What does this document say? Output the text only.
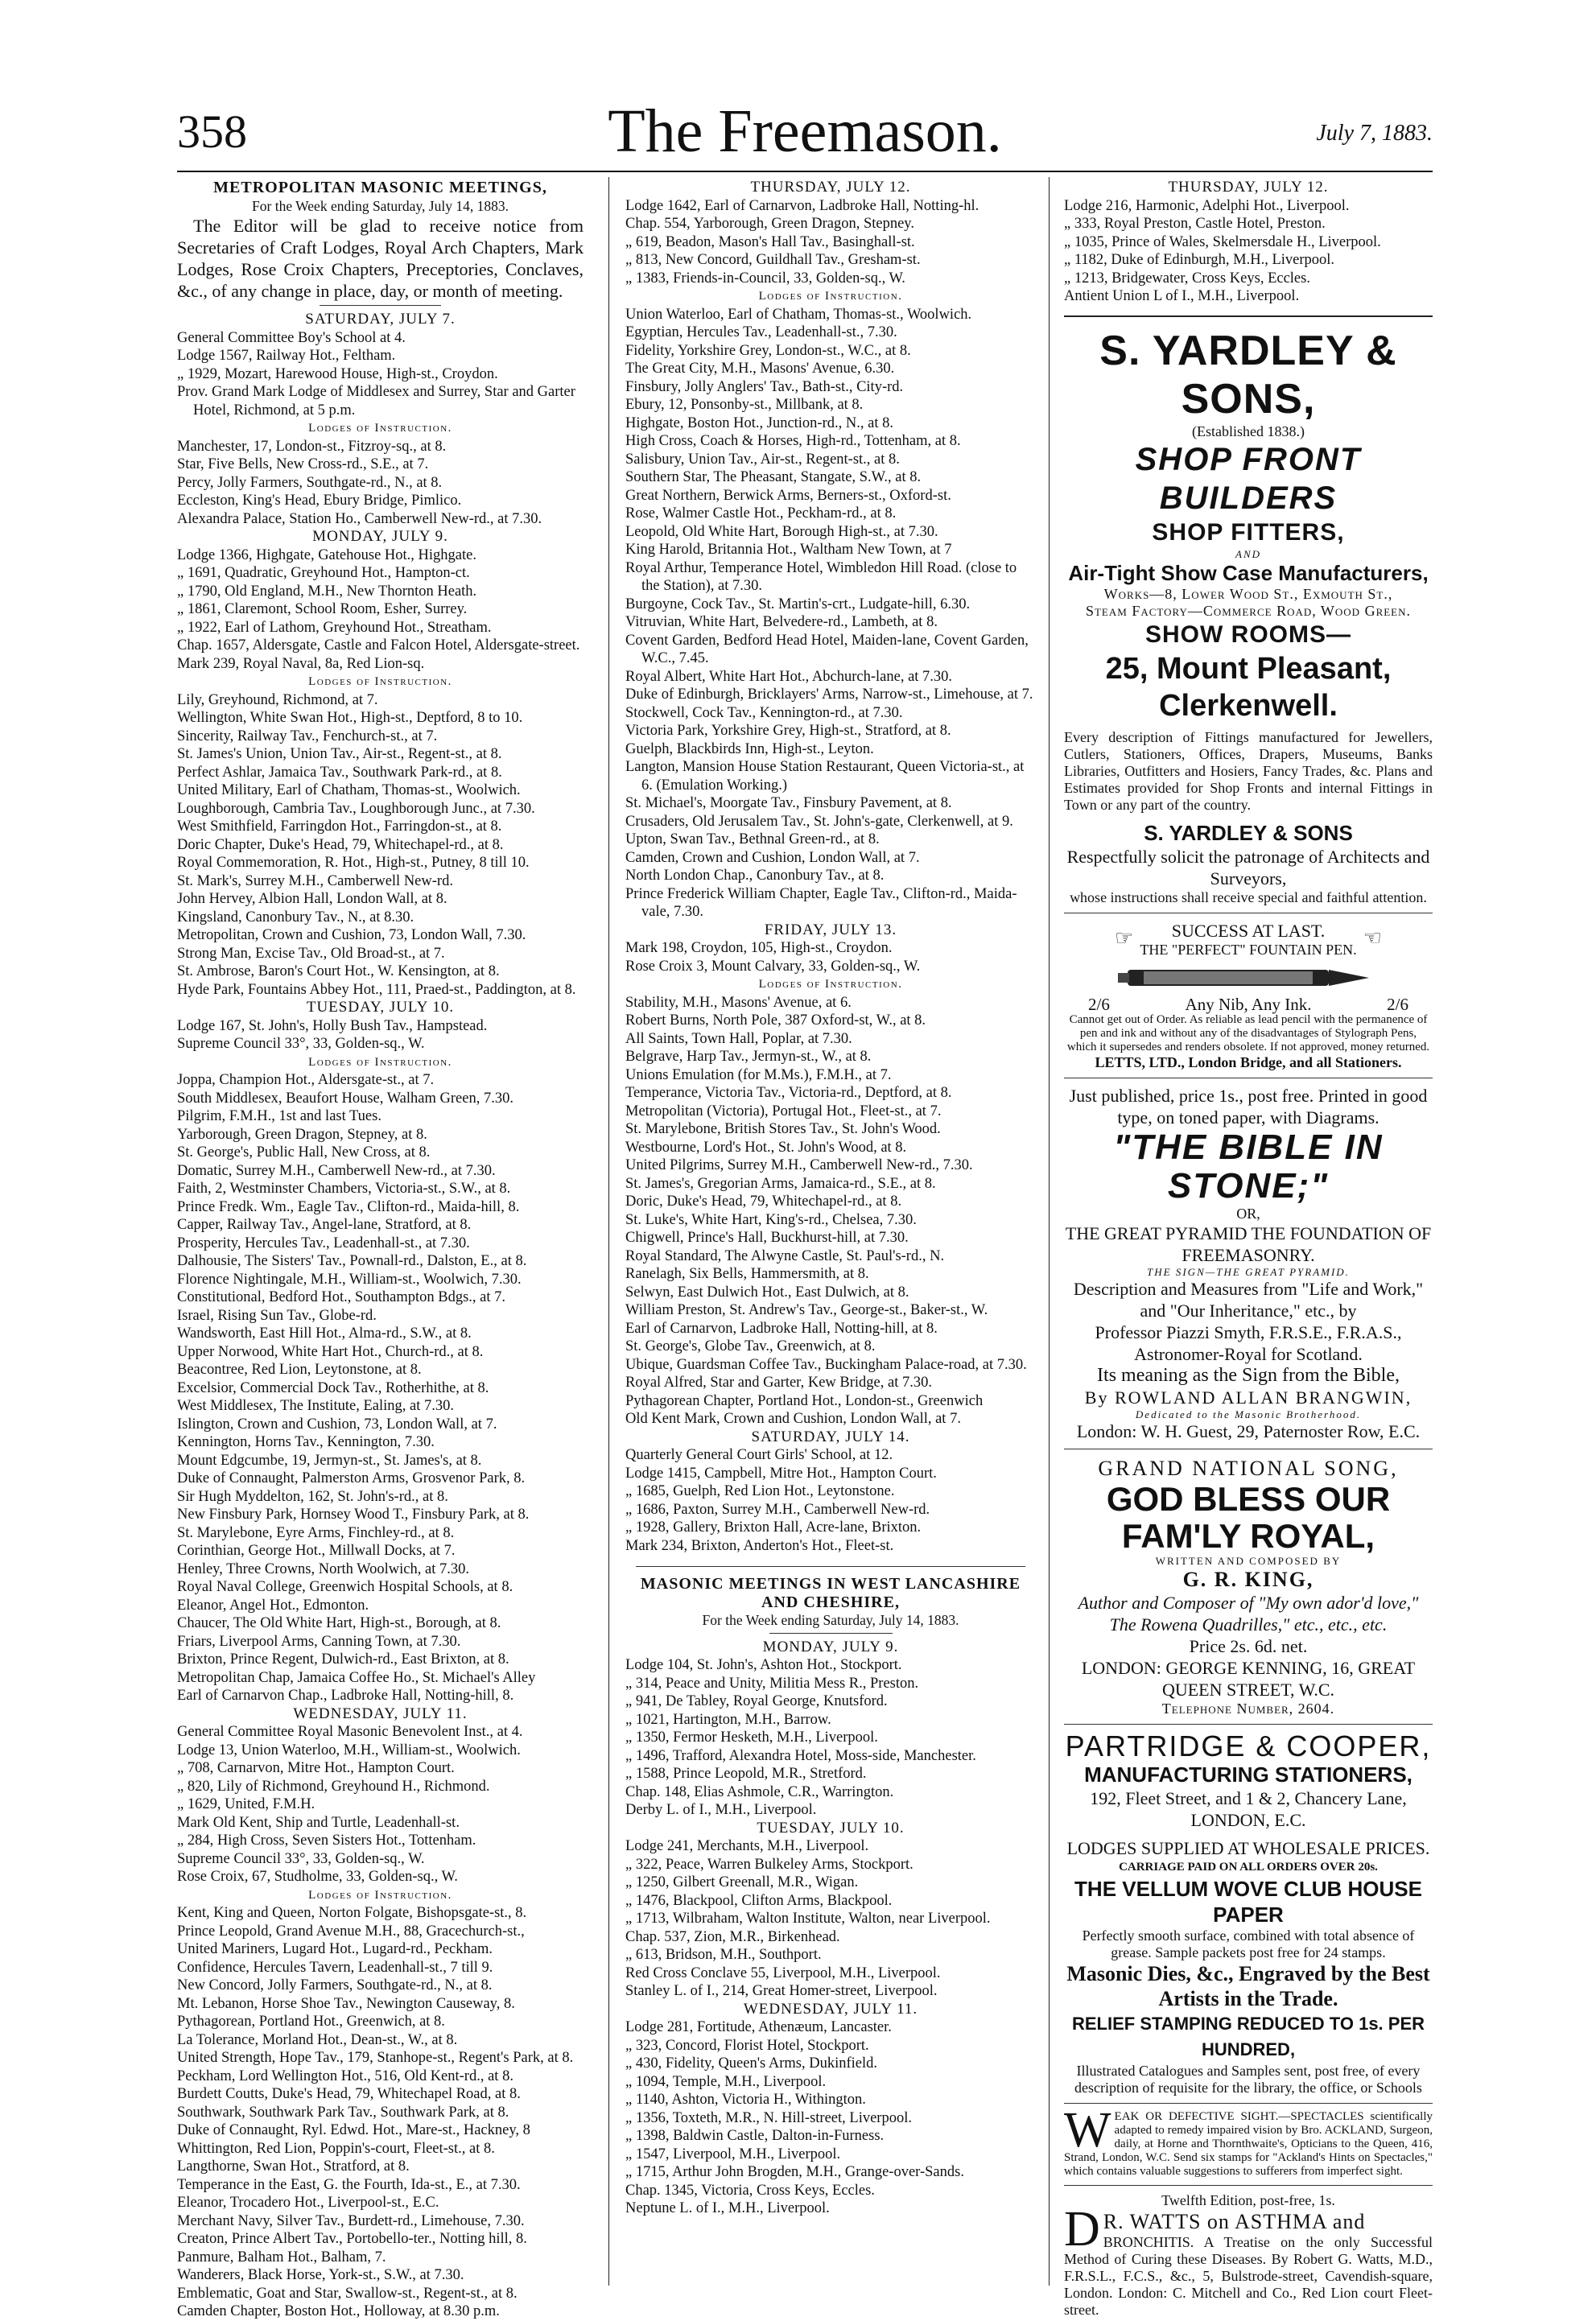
358	The Freemason.	July 7, 1883.

METROPOLITAN MASONIC MEETINGS,

For the Week ending Saturday, July 14, 1883.

The Editor will be glad to receive notice from Secretaries of Craft Lodges, Royal Arch Chapters, Mark Lodges, Rose Croix Chapters, Preceptories, Conclaves, &c., of any change in place, day, or month of meeting.

SATURDAY, JULY 7.

General Committee Boy's School at 4.

Lodge 1567, Railway Hot., Feltham.

„ 1929, Mozart, Harewood House, High-st., Croydon.

Prov. Grand Mark Lodge of Middlesex and Surrey, Star and Garter Hotel, Richmond, at 5 p.m.

Lodges of Instruction.

Manchester, 17, London-st., Fitzroy-sq., at 8.

Star, Five Bells, New Cross-rd., S.E., at 7.

Percy, Jolly Farmers, Southgate-rd., N., at 8.

Eccleston, King's Head, Ebury Bridge, Pimlico.

Alexandra Palace, Station Ho., Camberwell New-rd., at 7.30.

MONDAY, JULY 9.

Lodge 1366, Highgate, Gatehouse Hot., Highgate.

„ 1691, Quadratic, Greyhound Hot., Hampton-ct.

„ 1790, Old England, M.H., New Thornton Heath.

„ 1861, Claremont, School Room, Esher, Surrey.

„ 1922, Earl of Lathom, Greyhound Hot., Streatham.

Chap. 1657, Aldersgate, Castle and Falcon Hotel, Aldersgate-street.

Mark 239, Royal Naval, 8a, Red Lion-sq.

Lodges of Instruction.

Lily, Greyhound, Richmond, at 7.

Wellington, White Swan Hot., High-st., Deptford, 8 to 10.

Sincerity, Railway Tav., Fenchurch-st., at 7.

St. James's Union, Union Tav., Air-st., Regent-st., at 8.

Perfect Ashlar, Jamaica Tav., Southwark Park-rd., at 8.

United Military, Earl of Chatham, Thomas-st., Woolwich.

Loughborough, Cambria Tav., Loughborough Junc., at 7.30.

West Smithfield, Farringdon Hot., Farringdon-st., at 8.

Doric Chapter, Duke's Head, 79, Whitechapel-rd., at 8.

Royal Commemoration, R. Hot., High-st., Putney, 8 till 10.

St. Mark's, Surrey M.H., Camberwell New-rd.

John Hervey, Albion Hall, London Wall, at 8.

Kingsland, Canonbury Tav., N., at 8.30.

Metropolitan, Crown and Cushion, 73, London Wall, 7.30.

Strong Man, Excise Tav., Old Broad-st., at 7.

St. Ambrose, Baron's Court Hot., W. Kensington, at 8.

Hyde Park, Fountains Abbey Hot., 111, Praed-st., Paddington, at 8.

TUESDAY, JULY 10.

Lodge 167, St. John's, Holly Bush Tav., Hampstead.

Supreme Council 33°, 33, Golden-sq., W.

Lodges of Instruction.

Joppa, Champion Hot., Aldersgate-st., at 7.

South Middlesex, Beaufort House, Walham Green, 7.30.

Pilgrim, F.M.H., 1st and last Tues.

Yarborough, Green Dragon, Stepney, at 8.

St. George's, Public Hall, New Cross, at 8.

Domatic, Surrey M.H., Camberwell New-rd., at 7.30.

Faith, 2, Westminster Chambers, Victoria-st., S.W., at 8.

Prince Fredk. Wm., Eagle Tav., Clifton-rd., Maida-hill, 8.

Capper, Railway Tav., Angel-lane, Stratford, at 8.

Prosperity, Hercules Tav., Leadenhall-st., at 7.30.

Dalhousie, The Sisters' Tav., Pownall-rd., Dalston, E., at 8.

Florence Nightingale, M.H., William-st., Woolwich, 7.30.

Constitutional, Bedford Hot., Southampton Bdgs., at 7.

Israel, Rising Sun Tav., Globe-rd.

Wandsworth, East Hill Hot., Alma-rd., S.W., at 8.

Upper Norwood, White Hart Hot., Church-rd., at 8.

Beacontree, Red Lion, Leytonstone, at 8.

Excelsior, Commercial Dock Tav., Rotherhithe, at 8.

West Middlesex, The Institute, Ealing, at 7.30.

Islington, Crown and Cushion, 73, London Wall, at 7.

Kennington, Horns Tav., Kennington, 7.30.

Mount Edgcumbe, 19, Jermyn-st., St. James's, at 8.

Duke of Connaught, Palmerston Arms, Grosvenor Park, 8.

Sir Hugh Myddelton, 162, St. John's-rd., at 8.

New Finsbury Park, Hornsey Wood T., Finsbury Park, at 8.

St. Marylebone, Eyre Arms, Finchley-rd., at 8.

Corinthian, George Hot., Millwall Docks, at 7.

Henley, Three Crowns, North Woolwich, at 7.30.

Royal Naval College, Greenwich Hospital Schools, at 8.

Eleanor, Angel Hot., Edmonton.

Chaucer, The Old White Hart, High-st., Borough, at 8.

Friars, Liverpool Arms, Canning Town, at 7.30.

Brixton, Prince Regent, Dulwich-rd., East Brixton, at 8.

Metropolitan Chap, Jamaica Coffee Ho., St. Michael's Alley

Earl of Carnarvon Chap., Ladbroke Hall, Notting-hill, 8.

WEDNESDAY, JULY 11.

General Committee Royal Masonic Benevolent Inst., at 4.

Lodge 13, Union Waterloo, M.H., William-st., Woolwich.

„ 708, Carnarvon, Mitre Hot., Hampton Court.

„ 820, Lily of Richmond, Greyhound H., Richmond.

„ 1629, United, F.M.H.

Mark Old Kent, Ship and Turtle, Leadenhall-st.

„ 284, High Cross, Seven Sisters Hot., Tottenham.

Supreme Council 33°, 33, Golden-sq., W.

Rose Croix, 67, Studholme, 33, Golden-sq., W.

Lodges of Instruction.

Kent, King and Queen, Norton Folgate, Bishopsgate-st., 8.

Prince Leopold, Grand Avenue M.H., 88, Gracechurch-st.,

United Mariners, Lugard Hot., Lugard-rd., Peckham.

Confidence, Hercules Tavern, Leadenhall-st., 7 till 9.

New Concord, Jolly Farmers, Southgate-rd., N., at 8.

Mt. Lebanon, Horse Shoe Tav., Newington Causeway, 8.

Pythagorean, Portland Hot., Greenwich, at 8.

La Tolerance, Morland Hot., Dean-st., W., at 8.

United Strength, Hope Tav., 179, Stanhope-st., Regent's Park, at 8.

Peckham, Lord Wellington Hot., 516, Old Kent-rd., at 8.

Burdett Coutts, Duke's Head, 79, Whitechapel Road, at 8.

Southwark, Southwark Park Tav., Southwark Park, at 8.

Duke of Connaught, Ryl. Edwd. Hot., Mare-st., Hackney, 8

Whittington, Red Lion, Poppin's-court, Fleet-st., at 8.

Langthorne, Swan Hot., Stratford, at 8.

Temperance in the East, G. the Fourth, Ida-st., E., at 7.30.

Eleanor, Trocadero Hot., Liverpool-st., E.C.

Merchant Navy, Silver Tav., Burdett-rd., Limehouse, 7.30.

Creaton, Prince Albert Tav., Portobello-ter., Notting hill, 8.

Panmure, Balham Hot., Balham, 7.

Wanderers, Black Horse, York-st., S.W., at 7.30.

Emblematic, Goat and Star, Swallow-st., Regent-st., at 8.

Camden Chapter, Boston Hot., Holloway, at 8.30 p.m.

THURSDAY, JULY 12.

Lodge 1642, Earl of Carnarvon, Ladbroke Hall, Notting-hl.

Chap. 554, Yarborough, Green Dragon, Stepney.

„ 619, Beadon, Mason's Hall Tav., Basinghall-st.

„ 813, New Concord, Guildhall Tav., Gresham-st.

„ 1383, Friends-in-Council, 33, Golden-sq., W.

Lodges of Instruction.

Union Waterloo, Earl of Chatham, Thomas-st., Woolwich.

Egyptian, Hercules Tav., Leadenhall-st., 7.30.

Fidelity, Yorkshire Grey, London-st., W.C., at 8.

The Great City, M.H., Masons' Avenue, 6.30.

Finsbury, Jolly Anglers' Tav., Bath-st., City-rd.

Ebury, 12, Ponsonby-st., Millbank, at 8.

Highgate, Boston Hot., Junction-rd., N., at 8.

High Cross, Coach & Horses, High-rd., Tottenham, at 8.

Salisbury, Union Tav., Air-st., Regent-st., at 8.

Southern Star, The Pheasant, Stangate, S.W., at 8.

Great Northern, Berwick Arms, Berners-st., Oxford-st.

Rose, Walmer Castle Hot., Peckham-rd., at 8.

Leopold, Old White Hart, Borough High-st., at 7.30.

King Harold, Britannia Hot., Waltham New Town, at 7

Royal Arthur, Temperance Hotel, Wimbledon Hill Road. (close to the Station), at 7.30.

Burgoyne, Cock Tav., St. Martin's-crt., Ludgate-hill, 6.30.

Vitruvian, White Hart, Belvedere-rd., Lambeth, at 8.

Covent Garden, Bedford Head Hotel, Maiden-lane, Covent Garden, W.C., 7.45.

Royal Albert, White Hart Hot., Abchurch-lane, at 7.30.

Duke of Edinburgh, Bricklayers' Arms, Narrow-st., Limehouse, at 7.

Stockwell, Cock Tav., Kennington-rd., at 7.30.

Victoria Park, Yorkshire Grey, High-st., Stratford, at 8.

Guelph, Blackbirds Inn, High-st., Leyton.

Langton, Mansion House Station Restaurant, Queen Victoria-st., at 6. (Emulation Working.)

St. Michael's, Moorgate Tav., Finsbury Pavement, at 8.

Crusaders, Old Jerusalem Tav., St. John's-gate, Clerkenwell, at 9.

Upton, Swan Tav., Bethnal Green-rd., at 8.

Camden, Crown and Cushion, London Wall, at 7.

North London Chap., Canonbury Tav., at 8.

Prince Frederick William Chapter, Eagle Tav., Clifton-rd., Maida-vale, 7.30.

FRIDAY, JULY 13.

Mark 198, Croydon, 105, High-st., Croydon.

Rose Croix 3, Mount Calvary, 33, Golden-sq., W.

Lodges of Instruction.

Stability, M.H., Masons' Avenue, at 6.

Robert Burns, North Pole, 387 Oxford-st, W., at 8.

All Saints, Town Hall, Poplar, at 7.30.

Belgrave, Harp Tav., Jermyn-st., W., at 8.

Unions Emulation (for M.Ms.), F.M.H., at 7.

Temperance, Victoria Tav., Victoria-rd., Deptford, at 8.

Metropolitan (Victoria), Portugal Hot., Fleet-st., at 7.

St. Marylebone, British Stores Tav., St. John's Wood.

Westbourne, Lord's Hot., St. John's Wood, at 8.

United Pilgrims, Surrey M.H., Camberwell New-rd., 7.30.

St. James's, Gregorian Arms, Jamaica-rd., S.E., at 8.

Doric, Duke's Head, 79, Whitechapel-rd., at 8.

St. Luke's, White Hart, King's-rd., Chelsea, 7.30.

Chigwell, Prince's Hall, Buckhurst-hill, at 7.30.

Royal Standard, The Alwyne Castle, St. Paul's-rd., N.

Ranelagh, Six Bells, Hammersmith, at 8.

Selwyn, East Dulwich Hot., East Dulwich, at 8.

William Preston, St. Andrew's Tav., George-st., Baker-st., W.

Earl of Carnarvon, Ladbroke Hall, Notting-hill, at 8.

St. George's, Globe Tav., Greenwich, at 8.

Ubique, Guardsman Coffee Tav., Buckingham Palace-road, at 7.30.

Royal Alfred, Star and Garter, Kew Bridge, at 7.30.

Pythagorean Chapter, Portland Hot., London-st., Greenwich

Old Kent Mark, Crown and Cushion, London Wall, at 7.

SATURDAY, JULY 14.

Quarterly General Court Girls' School, at 12.

Lodge 1415, Campbell, Mitre Hot., Hampton Court.

„ 1685, Guelph, Red Lion Hot., Leytonstone.

„ 1686, Paxton, Surrey M.H., Camberwell New-rd.

„ 1928, Gallery, Brixton Hall, Acre-lane, Brixton.

Mark 234, Brixton, Anderton's Hot., Fleet-st.

MASONIC MEETINGS IN WEST LANCASHIRE AND CHESHIRE,

For the Week ending Saturday, July 14, 1883.

MONDAY, JULY 9.

Lodge 104, St. John's, Ashton Hot., Stockport.

„ 314, Peace and Unity, Militia Mess R., Preston.

„ 941, De Tabley, Royal George, Knutsford.

„ 1021, Hartington, M.H., Barrow.

„ 1350, Fermor Hesketh, M.H., Liverpool.

„ 1496, Trafford, Alexandra Hotel, Moss-side, Manchester.

„ 1588, Prince Leopold, M.R., Stretford.

Chap. 148, Elias Ashmole, C.R., Warrington.

Derby L. of I., M.H., Liverpool.

TUESDAY, JULY 10.

Lodge 241, Merchants, M.H., Liverpool.

„ 322, Peace, Warren Bulkeley Arms, Stockport.

„ 1250, Gilbert Greenall, M.R., Wigan.

„ 1476, Blackpool, Clifton Arms, Blackpool.

„ 1713, Wilbraham, Walton Institute, Walton, near Liverpool.

Chap. 537, Zion, M.R., Birkenhead.

„ 613, Bridson, M.H., Southport.

Red Cross Conclave 55, Liverpool, M.H., Liverpool.

Stanley L. of I., 214, Great Homer-street, Liverpool.

WEDNESDAY, JULY 11.

Lodge 281, Fortitude, Athenæum, Lancaster.

„ 323, Concord, Florist Hotel, Stockport.

„ 430, Fidelity, Queen's Arms, Dukinfield.

„ 1094, Temple, M.H., Liverpool.

„ 1140, Ashton, Victoria H., Withington.

„ 1356, Toxteth, M.R., N. Hill-street, Liverpool.

„ 1398, Baldwin Castle, Dalton-in-Furness.

„ 1547, Liverpool, M.H., Liverpool.

„ 1715, Arthur John Brogden, M.H., Grange-over-Sands.

Chap. 1345, Victoria, Cross Keys, Eccles.

Neptune L. of I., M.H., Liverpool.

THURSDAY, JULY 12.

Lodge 216, Harmonic, Adelphi Hot., Liverpool.

„ 333, Royal Preston, Castle Hotel, Preston.

„ 1035, Prince of Wales, Skelmersdale H., Liverpool.

„ 1182, Duke of Edinburgh, M.H., Liverpool.

„ 1213, Bridgewater, Cross Keys, Eccles.

Antient Union L of I., M.H., Liverpool.

S. YARDLEY & SONS,

(Established 1838.)

SHOP FRONT BUILDERS

SHOP FITTERS,

AND

Air-Tight Show Case Manufacturers,

Works—8, Lower Wood St., Exmouth St.,

Steam Factory—Commerce Road, Wood Green.

SHOW ROOMS—

25, Mount Pleasant, Clerkenwell.

Every description of Fittings manufactured for Jewellers, Cutlers, Stationers, Offices, Drapers, Museums, Banks Libraries, Outfitters and Hosiers, Fancy Trades, &c. Plans and Estimates provided for Shop Fronts and internal Fittings in Town or any part of the country.

S. YARDLEY & SONS

Respectfully solicit the patronage of Architects and Surveyors,

whose instructions shall receive special and faithful attention.

☞	SUCCESS AT LAST.

THE "PERFECT" FOUNTAIN PEN. ☜
2/6	Any Nib, Any Ink.	2/6

Cannot get out of Order. As reliable as lead pencil with the permanence of pen and ink and without any of the disadvantages of Stylograph Pens, which it supersedes and renders obsolete. If not approved, money returned.

LETTS, LTD., London Bridge, and all Stationers.

Just published, price 1s., post free. Printed in good type, on toned paper, with Diagrams.

"THE BIBLE IN STONE;"

OR,

THE GREAT PYRAMID THE FOUNDATION OF FREEMASONRY.

THE SIGN—THE GREAT PYRAMID.

Description and Measures from "Life and Work," and "Our Inheritance," etc., by

Professor Piazzi Smyth, F.R.S.E., F.R.A.S., Astronomer-Royal for Scotland.

Its meaning as the Sign from the Bible,

By ROWLAND ALLAN BRANGWIN,

Dedicated to the Masonic Brotherhood.

London: W. H. Guest, 29, Paternoster Row, E.C.

GRAND NATIONAL SONG,

GOD BLESS OUR FAM'LY ROYAL,

WRITTEN AND COMPOSED BY

G. R. KING,

Author and Composer of "My own ador'd love," The Rowena Quadrilles," etc., etc., etc.

Price 2s. 6d. net.

LONDON: GEORGE KENNING, 16, GREAT QUEEN STREET, W.C.

Telephone Number, 2604.

PARTRIDGE & COOPER,

MANUFACTURING STATIONERS,

192, Fleet Street, and 1 & 2, Chancery Lane, LONDON, E.C.

LODGES SUPPLIED AT WHOLESALE PRICES.

CARRIAGE PAID ON ALL ORDERS OVER 20s.

THE VELLUM WOVE CLUB HOUSE PAPER

Perfectly smooth surface, combined with total absence of grease. Sample packets post free for 24 stamps.

Masonic Dies, &c., Engraved by the Best Artists in the Trade.

RELIEF STAMPING REDUCED TO 1s. PER HUNDRED,

Illustrated Catalogues and Samples sent, post free, of every description of requisite for the library, the office, or Schools

W EAK OR DEFECTIVE SIGHT.—SPECTACLES scientifically adapted to remedy impaired vision by Bro. ACKLAND, Surgeon, daily, at Horne and Thornthwaite's, Opticians to the Queen, 416, Strand, London, W.C. Send six stamps for "Ackland's Hints on Spectacles," which contains valuable suggestions to sufferers from imperfect sight.

Twelfth Edition, post-free, 1s.

D R. WATTS on ASTHMA and

BRONCHITIS. A Treatise on the only Successful Method of Curing these Diseases. By Robert G. Watts, M.D., F.R.S.L., F.C.S., &c., 5, Bulstrode-street, Cavendish-square, London. London: C. Mitchell and Co., Red Lion court Fleet-street.
